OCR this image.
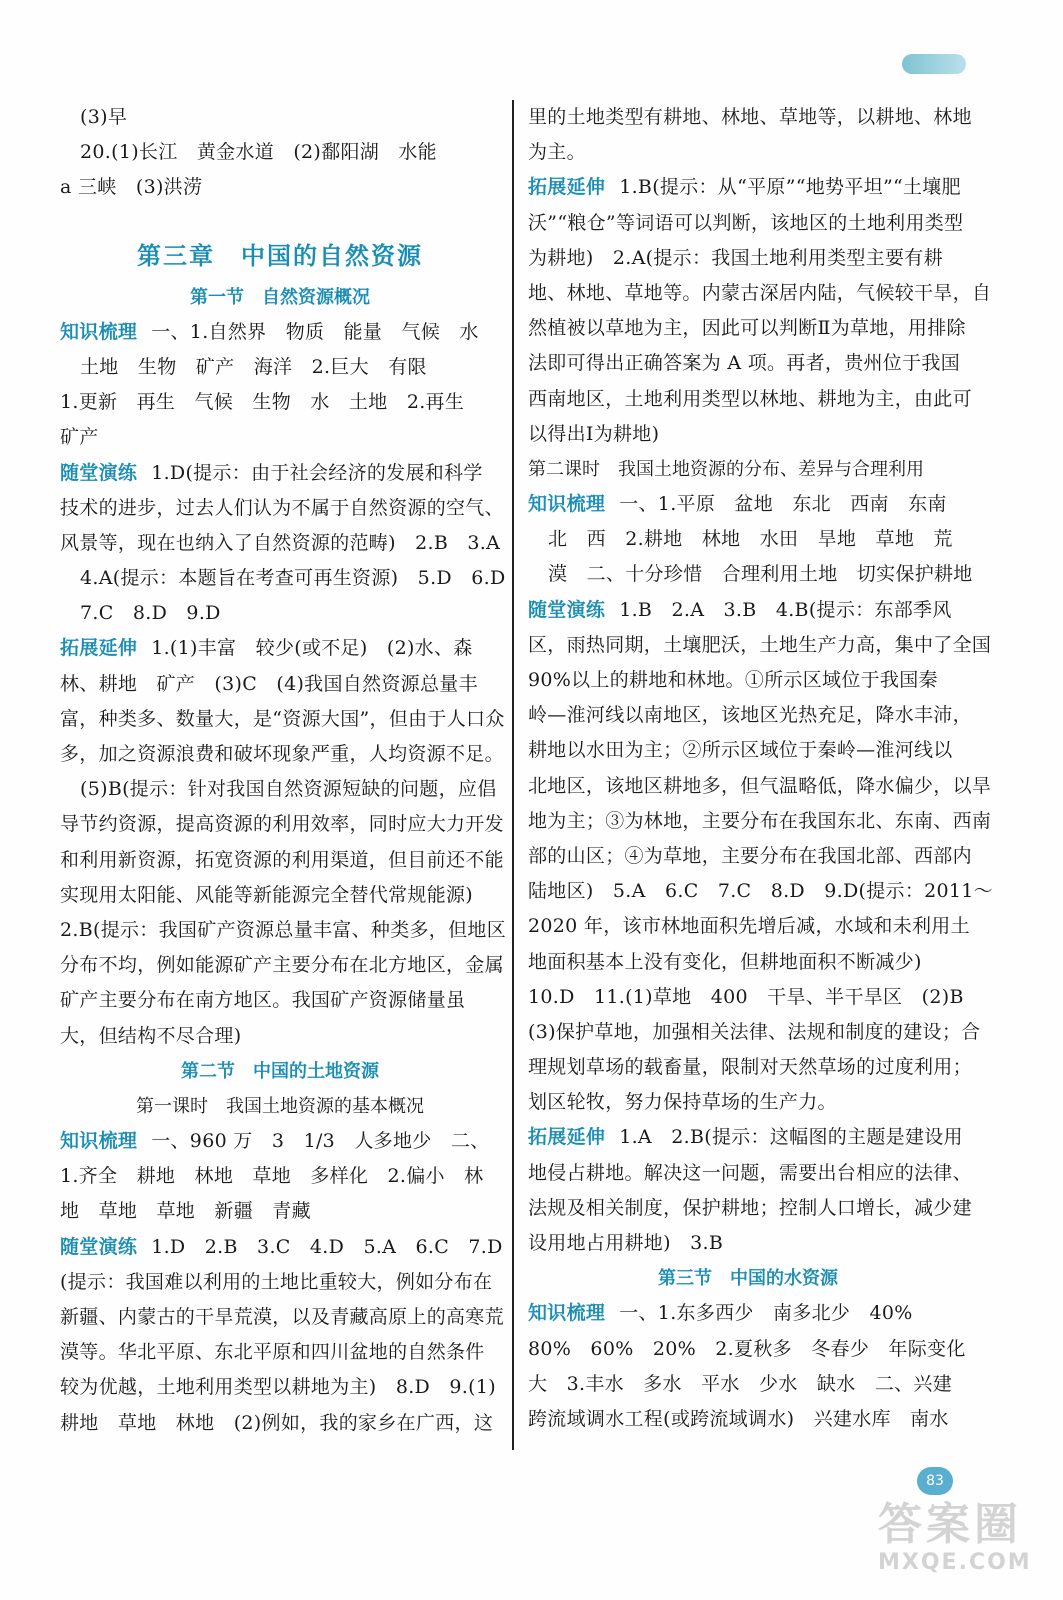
(3)早
20.(1)长江　黄金水道　(2)鄱阳湖　水能
a 三峡　(3)洪涝
第三章　中国的自然资源
第一节　自然资源概况
知识梳理 一、1.自然界　物质　能量　气候　水
土地　生物　矿产　海洋　2.巨大　有限
1.更新　再生　气候　生物　水　土地　2.再生
矿产
随堂演练 1.D(提示：由于社会经济的发展和科学
技术的进步，过去人们认为不属于自然资源的空气、
风景等，现在也纳入了自然资源的范畴)　2.B　3.A
4.A(提示：本题旨在考查可再生资源)　5.D　6.D
7.C　8.D　9.D
拓展延伸 1.(1)丰富　较少(或不足)　(2)水、森
林、耕地　矿产　(3)C　(4)我国自然资源总量丰
富，种类多、数量大，是“资源大国”，但由于人口众
多，加之资源浪费和破坏现象严重，人均资源不足。
(5)B(提示：针对我国自然资源短缺的问题，应倡
导节约资源，提高资源的利用效率，同时应大力开发
和利用新资源，拓宽资源的利用渠道，但目前还不能
实现用太阳能、风能等新能源完全替代常规能源)
2.B(提示：我国矿产资源总量丰富、种类多，但地区
分布不均，例如能源矿产主要分布在北方地区，金属
矿产主要分布在南方地区。我国矿产资源储量虽
大，但结构不尽合理)
第二节　中国的土地资源
第一课时　我国土地资源的基本概况
知识梳理 一、960 万　3　1/3　人多地少　二、
1.齐全　耕地　林地　草地　多样化　2.偏小　林
地　草地　草地　新疆　青藏
随堂演练 1.D　2.B　3.C　4.D　5.A　6.C　7.D
(提示：我国难以利用的土地比重较大，例如分布在
新疆、内蒙古的干旱荒漠，以及青藏高原上的高寒荒
漠等。华北平原、东北平原和四川盆地的自然条件
较为优越，土地利用类型以耕地为主)　8.D　9.(1)
耕地　草地　林地　(2)例如，我的家乡在广西，这
里的土地类型有耕地、林地、草地等，以耕地、林地
为主。
拓展延伸 1.B(提示：从“平原”“地势平坦”“土壤肥
沃”“粮仓”等词语可以判断，该地区的土地利用类型
为耕地)　2.A(提示：我国土地利用类型主要有耕
地、林地、草地等。内蒙古深居内陆，气候较干旱，自
然植被以草地为主，因此可以判断Ⅱ为草地，用排除
法即可得出正确答案为 A 项。再者，贵州位于我国
西南地区，土地利用类型以林地、耕地为主，由此可
以得出Ⅰ为耕地)
第二课时　我国土地资源的分布、差异与合理利用
知识梳理 一、1.平原　盆地　东北　西南　东南
北　西　2.耕地　林地　水田　旱地　草地　荒
漠　二、十分珍惜　合理利用土地　切实保护耕地
随堂演练 1.B　2.A　3.B　4.B(提示：东部季风
区，雨热同期，土壤肥沃，土地生产力高，集中了全国
90%以上的耕地和林地。①所示区域位于我国秦
岭—淮河线以南地区，该地区光热充足，降水丰沛，
耕地以水田为主；②所示区域位于秦岭—淮河线以
北地区，该地区耕地多，但气温略低，降水偏少，以旱
地为主；③为林地，主要分布在我国东北、东南、西南
部的山区；④为草地，主要分布在我国北部、西部内
陆地区)　5.A　6.C　7.C　8.D　9.D(提示：2011～
2020 年，该市林地面积先增后减，水域和未利用土
地面积基本上没有变化，但耕地面积不断减少)
10.D　11.(1)草地　400　干旱、半干旱区　(2)B
(3)保护草地，加强相关法律、法规和制度的建设；合
理规划草场的载畜量，限制对天然草场的过度利用；
划区轮牧，努力保持草场的生产力。
拓展延伸 1.A　2.B(提示：这幅图的主题是建设用
地侵占耕地。解决这一问题，需要出台相应的法律、
法规及相关制度，保护耕地；控制人口增长，减少建
设用地占用耕地)　3.B
第三节　中国的水资源
知识梳理 一、1.东多西少　南多北少　40%
80%　60%　20%　2.夏秋多　冬春少　年际变化
大　3.丰水　多水　平水　少水　缺水　二、兴建
跨流域调水工程(或跨流域调水)　兴建水库　南水
83
答案圈
MXQE.COM
